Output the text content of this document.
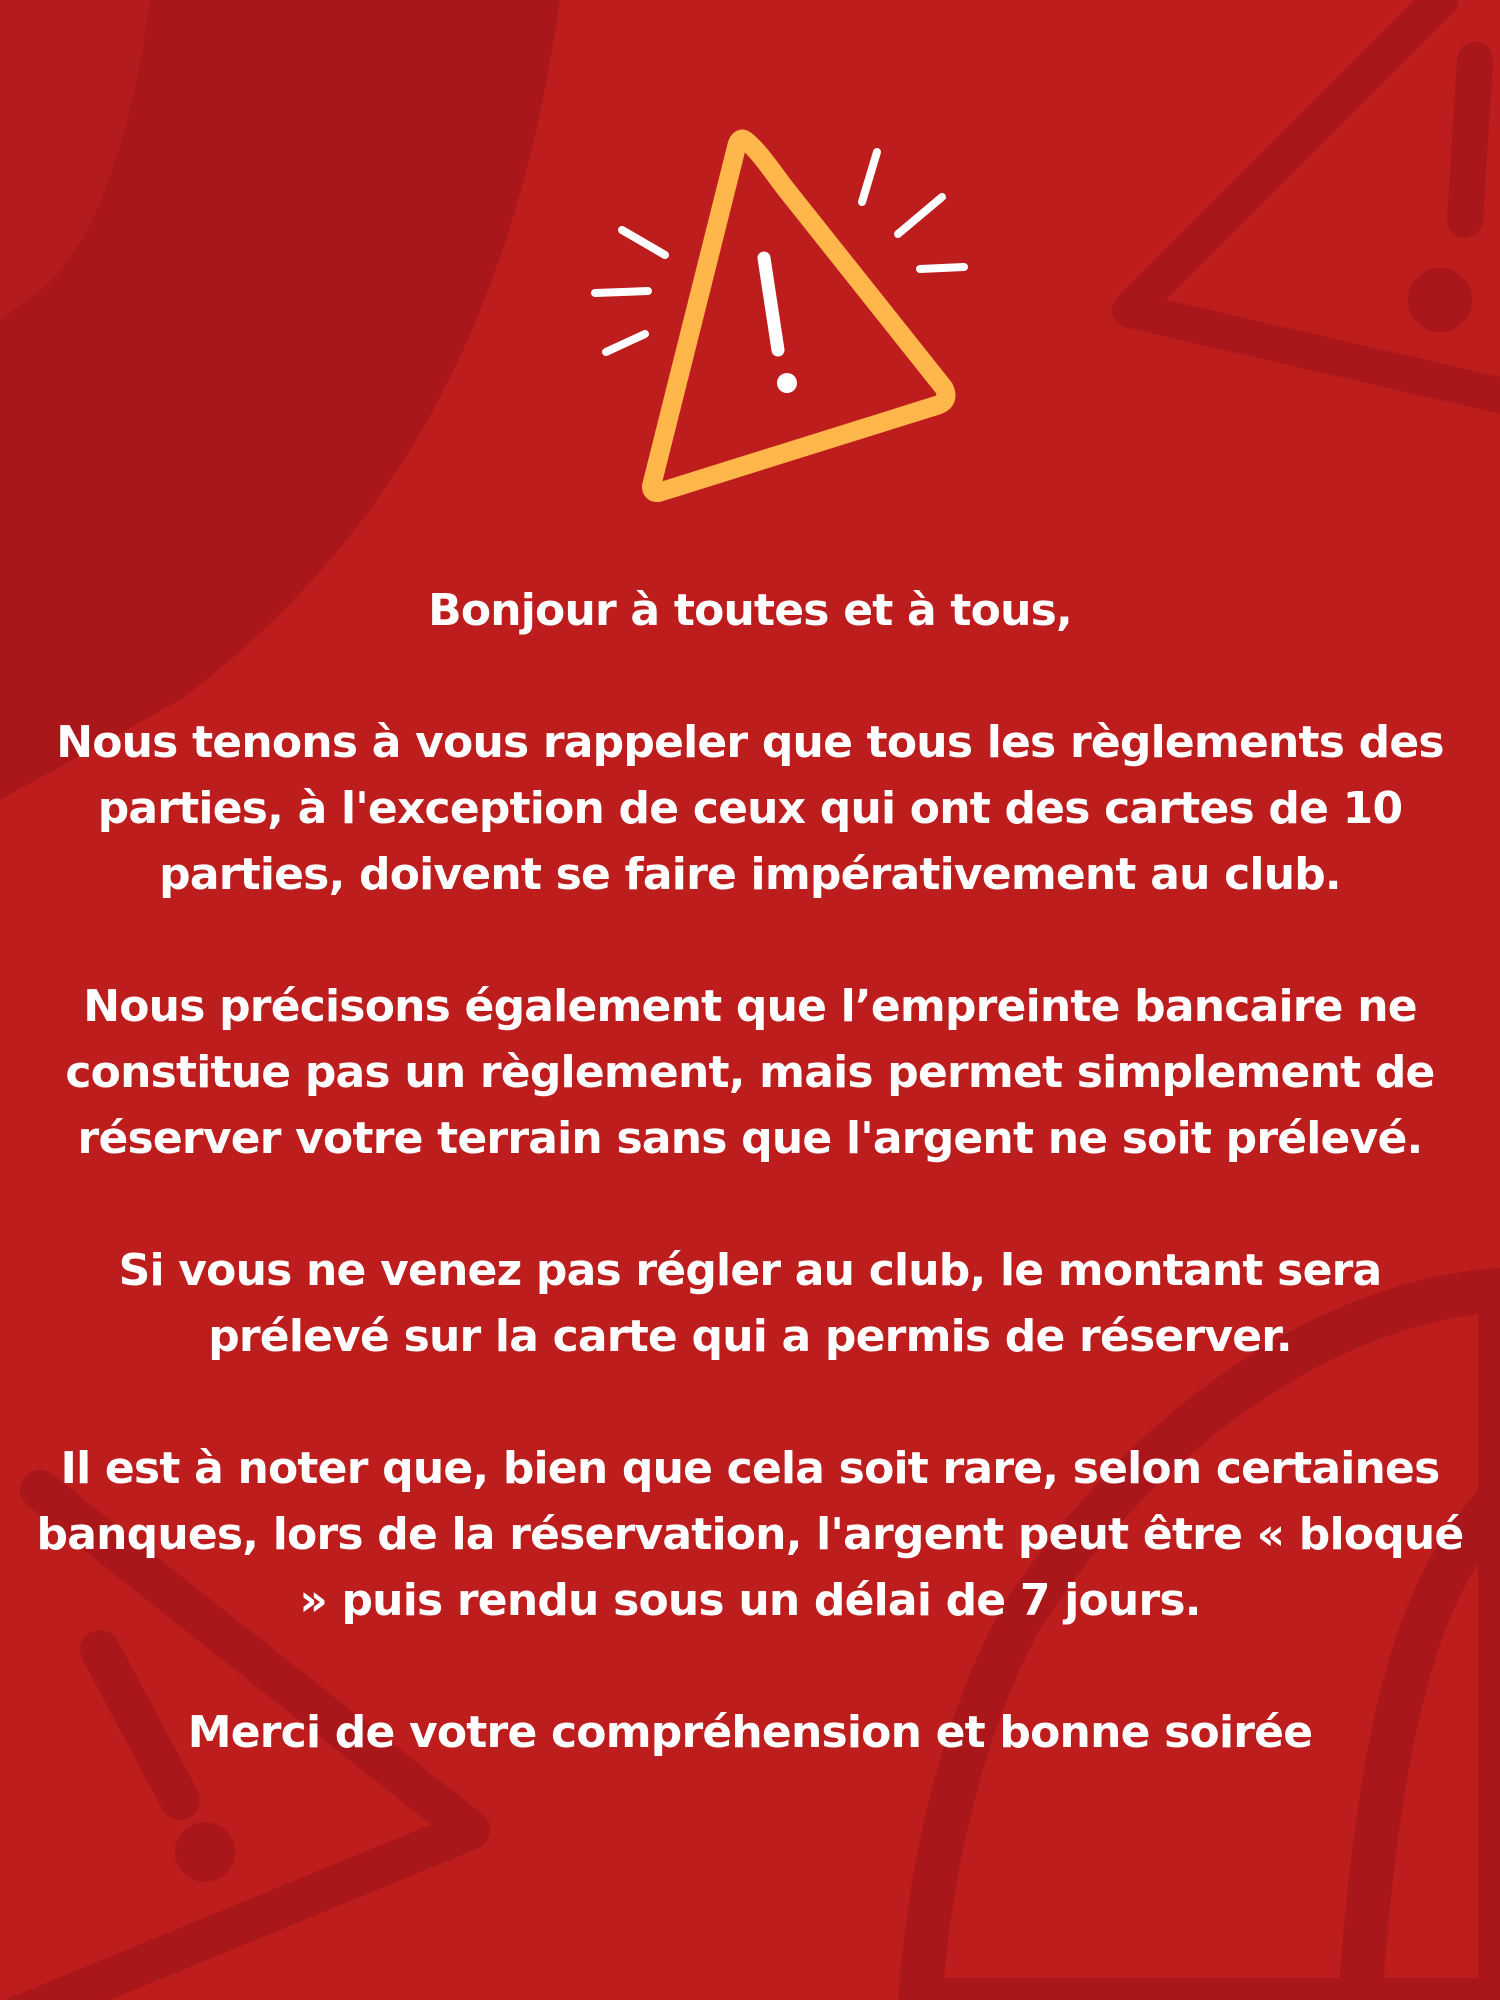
Bonjour à toutes et à tous,

Nous tenons à vous rappeler que tous les règlements des parties, à l'exception de ceux qui ont des cartes de 10 parties, doivent se faire impérativement au club.

Nous précisons également que l’empreinte bancaire ne constitue pas un règlement, mais permet simplement de réserver votre terrain sans que l'argent ne soit prélevé.

Si vous ne venez pas régler au club, le montant sera prélevé sur la carte qui a permis de réserver.

Il est à noter que, bien que cela soit rare, selon certaines banques, lors de la réservation, l'argent peut être « bloqué » puis rendu sous un délai de 7 jours.

Merci de votre compréhension et bonne soirée
